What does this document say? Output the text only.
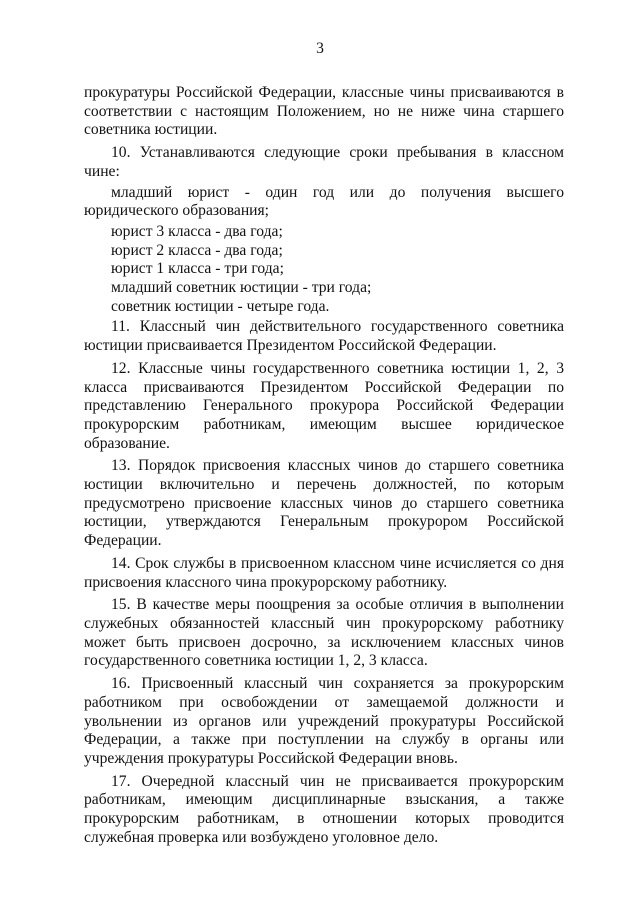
3

прокуратуры Российской Федерации, классные чины присваиваются в соответствии с настоящим Положением, но не ниже чина старшего советника юстиции.

10. Устанавливаются следующие сроки пребывания в классном чине:

младший юрист - один год или до получения высшего юридического образования;

юрист 3 класса - два года;

юрист 2 класса - два года;

юрист 1 класса - три года;

младший советник юстиции - три года;

советник юстиции - четыре года.

11. Классный чин действительного государственного советника юстиции присваивается Президентом Российской Федерации.

12. Классные чины государственного советника юстиции 1, 2, 3 класса присваиваются Президентом Российской Федерации по представлению Генерального прокурора Российской Федерации прокурорским работникам, имеющим высшее юридическое образование.

13. Порядок присвоения классных чинов до старшего советника юстиции включительно и перечень должностей, по которым предусмотрено присвоение классных чинов до старшего советника юстиции, утверждаются Генеральным прокурором Российской Федерации.

14. Срок службы в присвоенном классном чине исчисляется со дня присвоения классного чина прокурорскому работнику.

15. В качестве меры поощрения за особые отличия в выполнении служебных обязанностей классный чин прокурорскому работнику может быть присвоен досрочно, за исключением классных чинов государственного советника юстиции 1, 2, 3 класса.

16. Присвоенный классный чин сохраняется за прокурорским работником при освобождении от замещаемой должности и увольнении из органов или учреждений прокуратуры Российской Федерации, а также при поступлении на службу в органы или учреждения прокуратуры Российской Федерации вновь.

17. Очередной классный чин не присваивается прокурорским работникам, имеющим дисциплинарные взыскания, а также прокурорским работникам, в отношении которых проводится служебная проверка или возбуждено уголовное дело.
